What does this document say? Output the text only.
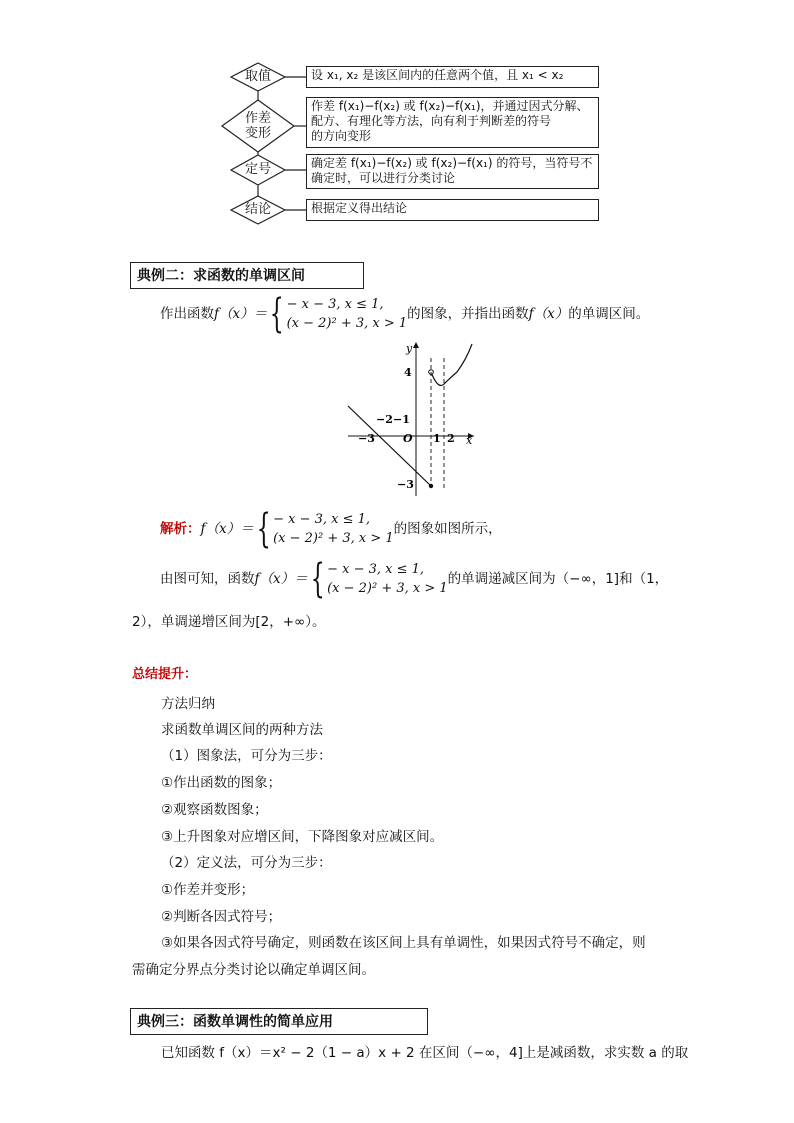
取值
作差
变形
定号
结论
设 x₁, x₂ 是该区间内的任意两个值，且 x₁ < x₂
作差 f(x₁)−f(x₂) 或 f(x₂)−f(x₁)，并通过因式分解、
配方、有理化等方法，向有利于判断差的符号
的方向变形
确定差 f(x₁)−f(x₂) 或 f(x₂)−f(x₁) 的符号，当符号不
确定时，可以进行分类讨论
根据定义得出结论
典例二：求函数的单调区间
作出函数 f（x）＝ { − x − 3, x ≤ 1,
(x − 2)² + 3, x > 1
的图象，并指出函数 f（x） 的单调区间。
y
x
O
4
−3
−3
−2 −1
1 2
解析： f（x）＝ { − x − 3, x ≤ 1,
(x − 2)² + 3, x > 1
的图象如图所示，
由图可知，函数 f（x）＝ { − x − 3, x ≤ 1,
(x − 2)² + 3, x > 1
的单调递减区间为（−∞，1]和（1，
2），单调递增区间为[2，+∞）。
总结提升：
方法归纳
求函数单调区间的两种方法
（1）图象法，可分为三步：
①作出函数的图象；
②观察函数图象；
③上升图象对应增区间，下降图象对应减区间。
（2）定义法，可分为三步：
①作差并变形；
②判断各因式符号；
③如果各因式符号确定，则函数在该区间上具有单调性，如果因式符号不确定，则
需确定分界点分类讨论以确定单调区间。
典例三：函数单调性的简单应用
已知函数 f（x）＝x² − 2（1 − a）x + 2 在区间（−∞，4]上是减函数，求实数 a 的取
